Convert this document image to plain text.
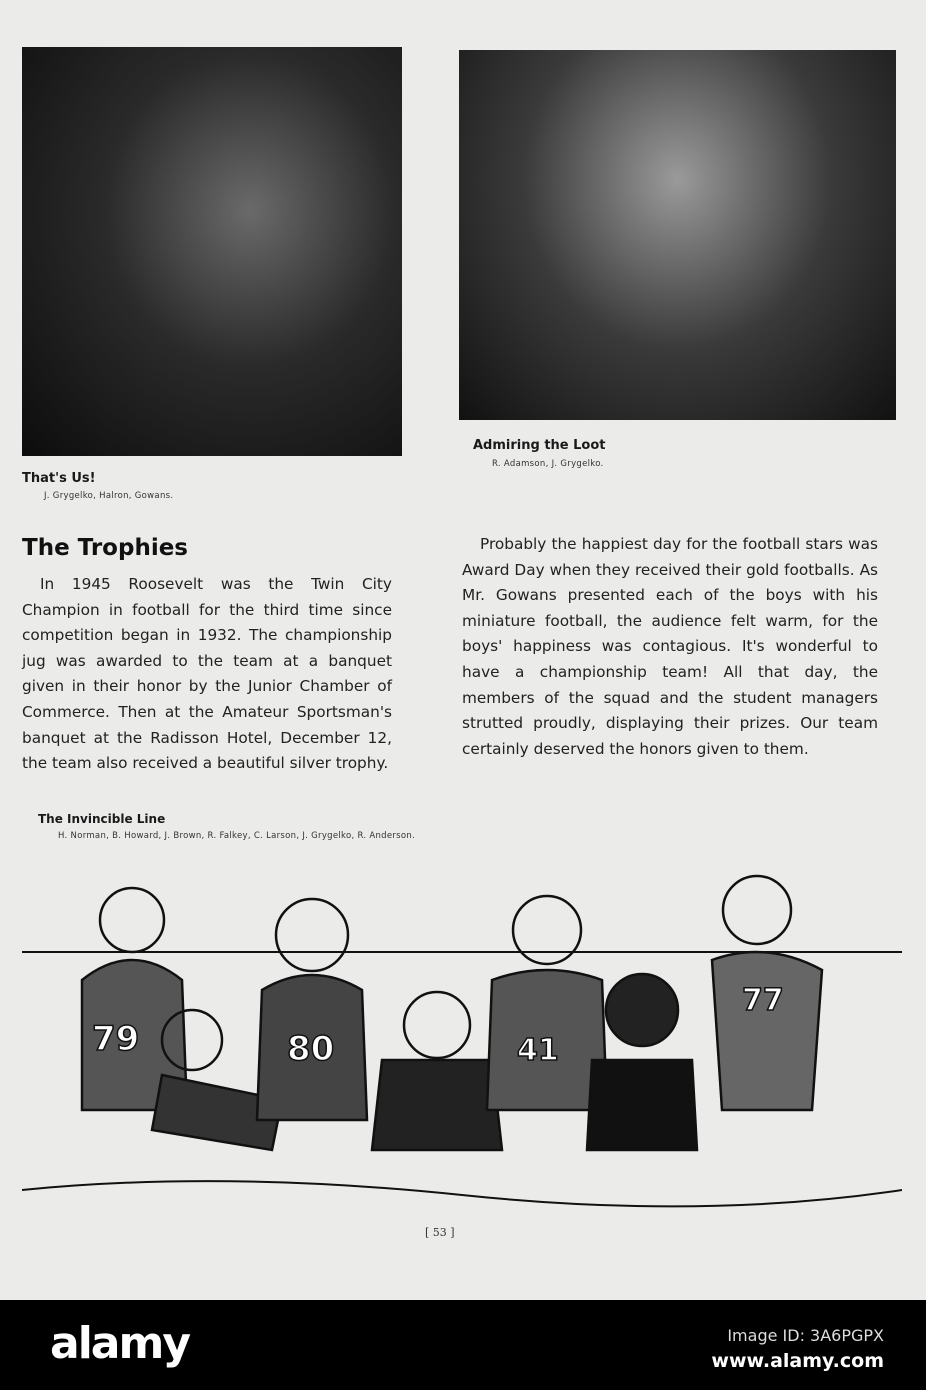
That's Us!
J. Grygelko, Halron, Gowans.
Admiring the Loot
R. Adamson, J. Grygelko.
The Trophies
In 1945 Roosevelt was the Twin City Champion in football for the third time since competition began in 1932. The championship jug was awarded to the team at a banquet given in their honor by the Junior Chamber of Commerce. Then at the Amateur Sportsman's banquet at the Radisson Hotel, December 12, the team also received a beautiful silver trophy.
Probably the happiest day for the football stars was Award Day when they received their gold footballs. As Mr. Gowans presented each of the boys with his miniature football, the audience felt warm, for the boys' happiness was contagious. It's wonderful to have a championship team! All that day, the members of the squad and the student managers strutted proudly, displaying their prizes. Our team certainly deserved the honors given to them.
The Invincible Line
H. Norman, B. Howard, J. Brown, R. Falkey, C. Larson, J. Grygelko, R. Anderson.
79	80	41
77
[ 53 ]
alamy	Image ID: 3A6PGPX
www.alamy.com
